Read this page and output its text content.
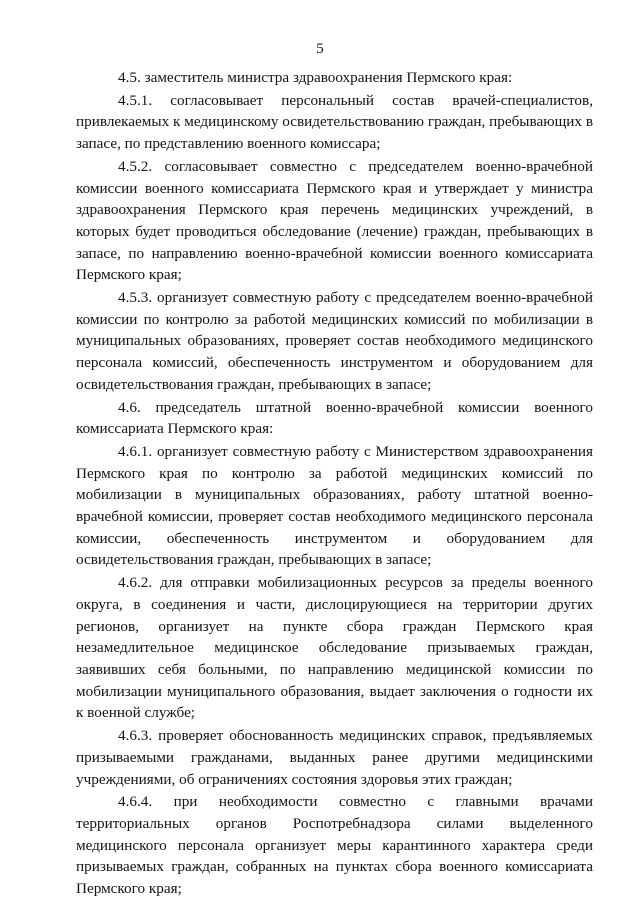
5

4.5. заместитель министра здравоохранения Пермского края:

4.5.1. согласовывает персональный состав врачей-специалистов, привлекаемых к медицинскому освидетельствованию граждан, пребывающих в запасе, по представлению военного комиссара;

4.5.2. согласовывает совместно с председателем военно-врачебной комиссии военного комиссариата Пермского края и утверждает у министра здравоохранения Пермского края перечень медицинских учреждений, в которых будет проводиться обследование (лечение) граждан, пребывающих в запасе, по направлению военно-врачебной комиссии военного комиссариата Пермского края;

4.5.3. организует совместную работу с председателем военно-врачебной комиссии по контролю за работой медицинских комиссий по мобилизации в муниципальных образованиях, проверяет состав необходимого медицинского персонала комиссий, обеспеченность инструментом и оборудованием для освидетельствования граждан, пребывающих в запасе;

4.6. председатель штатной военно-врачебной комиссии военного комиссариата Пермского края:

4.6.1. организует совместную работу с Министерством здравоохранения Пермского края по контролю за работой медицинских комиссий по мобилизации в муниципальных образованиях, работу штатной военно-врачебной комиссии, проверяет состав необходимого медицинского персонала комиссии, обеспеченность инструментом и оборудованием для освидетельствования граждан, пребывающих в запасе;

4.6.2. для отправки мобилизационных ресурсов за пределы военного округа, в соединения и части, дислоцирующиеся на территории других регионов, организует на пункте сбора граждан Пермского края незамедлительное медицинское обследование призываемых граждан, заявивших себя больными, по направлению медицинской комиссии по мобилизации муниципального образования, выдает заключения о годности их к военной службе;

4.6.3. проверяет обоснованность медицинских справок, предъявляемых призываемыми гражданами, выданных ранее другими медицинскими учреждениями, об ограничениях состояния здоровья этих граждан;

4.6.4. при необходимости совместно с главными врачами территориальных органов Роспотребнадзора силами выделенного медицинского персонала организует меры карантинного характера среди призываемых граждан, собранных на пунктах сбора военного комиссариата Пермского края;
